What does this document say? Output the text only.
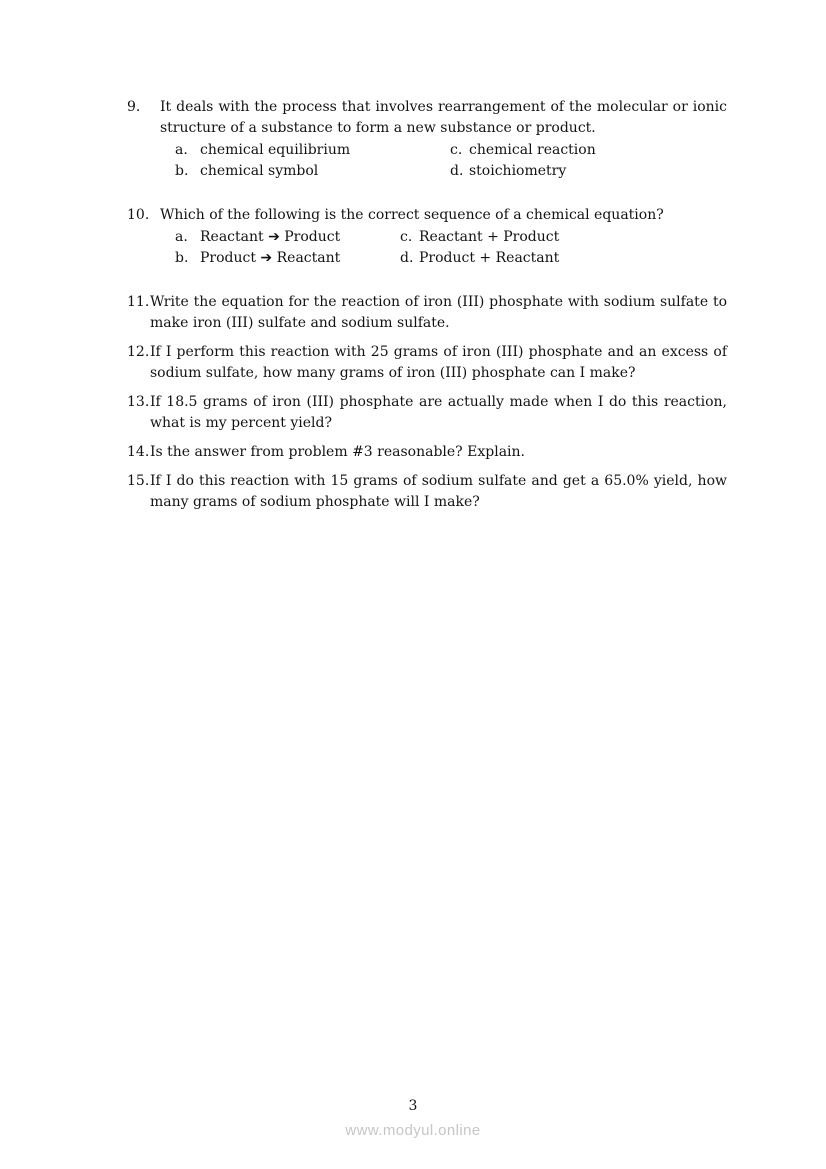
9.	It deals with the process that involves rearrangement of the molecular or ionic structure of a substance to form a new substance or product.

a. chemical equilibrium	c. chemical reaction
b. chemical symbol	d. stoichiometry
10. Which of the following is the correct sequence of a chemical equation?

a. Reactant ➔ Product	c. Reactant + Product
b. Product ➔ Reactant	d. Product + Reactant

11.Write the equation for the reaction of iron (III) phosphate with sodium sulfate to make iron (III) sulfate and sodium sulfate.

12.If I perform this reaction with 25 grams of iron (III) phosphate and an excess of sodium sulfate, how many grams of iron (III) phosphate can I make?

13.If 18.5 grams of iron (III) phosphate are actually made when I do this reaction, what is my percent yield?

14.Is the answer from problem #3 reasonable? Explain.

15.If I do this reaction with 15 grams of sodium sulfate and get a 65.0% yield, how many grams of sodium phosphate will I make?

3
www.modyul.online
